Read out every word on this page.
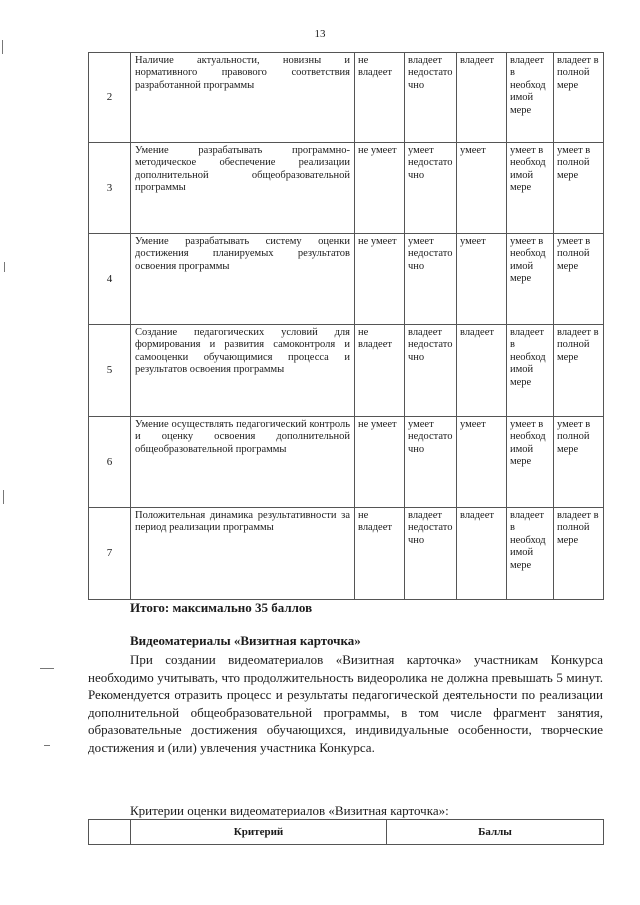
13
2	Наличие актуальности, новизны и нормативного правового соответствия разработанной программы	не владеет	владеет недостаточно	владеет	владеет в необходимой мере	владеет в полной мере
3	Умение разрабатывать программно-методическое обеспечение реализации дополнительной общеобразовательной программы	не умеет	умеет недостаточно	умеет	умеет в необходимой мере	умеет в полной мере
4	Умение разрабатывать систему оценки достижения планируемых результатов освоения программы	не умеет	умеет недостаточно	умеет	умеет в необходимой мере	умеет в полной мере
5	Создание педагогических условий для формирования и развития самоконтроля и самооценки обучающимися процесса и результатов освоения программы	не владеет	владеет недостаточно	владеет	владеет в необходимой мере	владеет в полной мере
6	Умение осуществлять педагогический контроль и оценку освоения дополнительной общеобразовательной программы	не умеет	умеет недостаточно	умеет	умеет в необходимой мере	умеет в полной мере
7	Положительная динамика результативности за период реализации программы	не владеет	владеет недостаточно	владеет	владеет в необходимой мере	владеет в полной мере
Итого: максимально 35 баллов
Видеоматериалы «Визитная карточка»

При создании видеоматериалов «Визитная карточка» участникам Конкурса необходимо учитывать, что продолжительность видеоролика не должна превышать 5 минут. Рекомендуется отразить процесс и результаты педагогической деятельности по реализации дополнительной общеобразовательной программы, в том числе фрагмент занятия, образовательные достижения обучающихся, индивидуальные особенности, творческие достижения и (или) увлечения участника Конкурса.

Критерии оценки видеоматериалов «Визитная карточка»:
	Критерий	Баллы
